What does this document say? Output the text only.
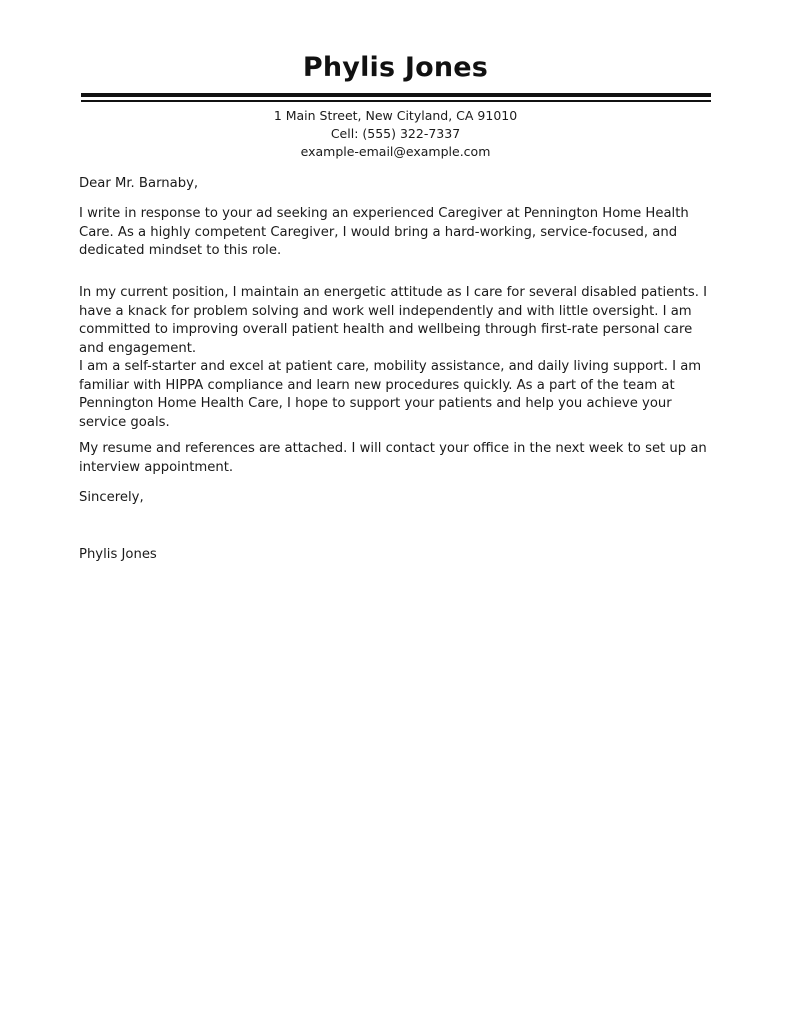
Phylis Jones
1 Main Street, New Cityland, CA 91010
Cell: (555) 322-7337
example-email@example.com
Dear Mr. Barnaby,
I write in response to your ad seeking an experienced Caregiver at Pennington Home Health Care. As a highly competent Caregiver, I would bring a hard-working, service-focused, and dedicated mindset to this role.
In my current position, I maintain an energetic attitude as I care for several disabled patients. I have a knack for problem solving and work well independently and with little oversight. I am committed to improving overall patient health and wellbeing through first-rate personal care and engagement.
I am a self-starter and excel at patient care, mobility assistance, and daily living support. I am familiar with HIPPA compliance and learn new procedures quickly. As a part of the team at Pennington Home Health Care, I hope to support your patients and help you achieve your service goals.
My resume and references are attached. I will contact your office in the next week to set up an interview appointment.
Sincerely,
Phylis Jones
